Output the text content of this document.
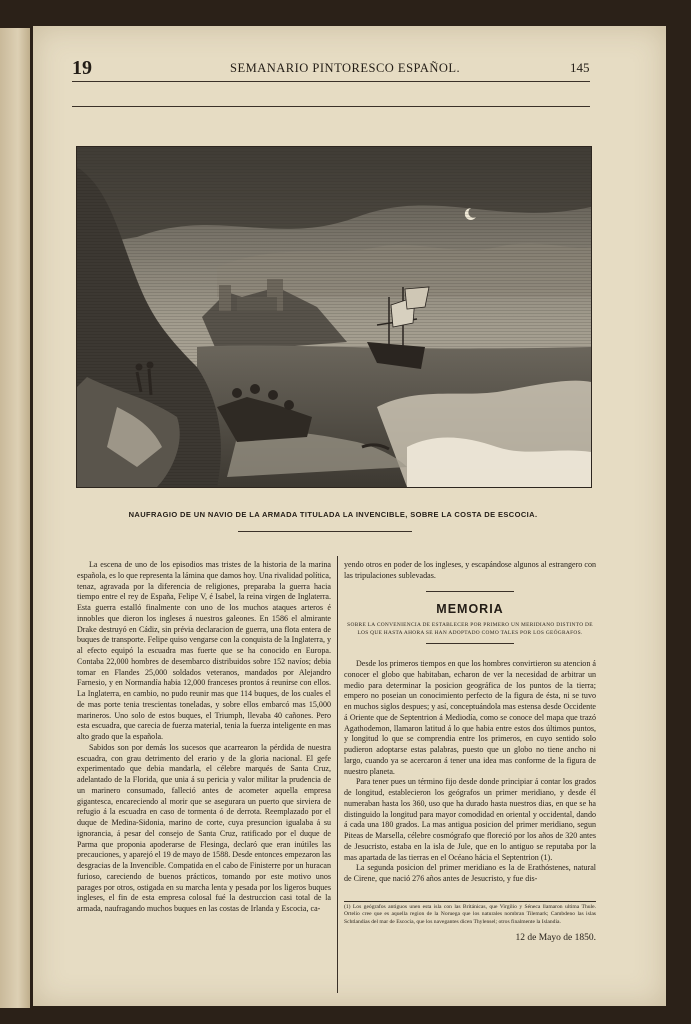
19	SEMANARIO PINTORESCO ESPAÑOL.	145
NAUFRAGIO DE UN NAVIO DE LA ARMADA TITULADA LA INVENCIBLE, SOBRE LA COSTA DE ESCOCIA.

La escena de uno de los episodios mas tristes de la historia de la marina española, es lo que representa la lámina que damos hoy. Una rivalidad política, tenaz, agravada por la diferencia de religiones, preparaba la guerra hacia tiempo entre el rey de España, Felipe V, é Isabel, la reina virgen de Inglaterra. Esta guerra estalló finalmente con uno de los muchos ataques arteros é innobles que dieron los ingleses á nuestros galeones. En 1586 el almirante Drake destruyó en Cádiz, sin prévia declaracion de guerra, una flota entera de buques de transporte. Felipe quiso vengarse con la conquista de la Inglaterra, y al efecto equipó la escuadra mas fuerte que se ha conocido en Europa. Contaba 22,000 hombres de desembarco distribuidos sobre 152 navíos; debia tomar en Flandes 25,000 soldados veteranos, mandados por Alejandro Farnesio, y en Normandía habia 12,000 franceses prontos á reunirse con ellos. La Inglaterra, en cambio, no pudo reunir mas que 114 buques, de los cuales el de mas porte tenia trescientas toneladas, y sobre ellos embarcó mas 15,000 marineros. Uno solo de estos buques, el Triumph, llevaba 40 cañones. Pero esta escuadra, que carecia de fuerza material, tenia la fuerza inteligente en mas alto grado que la española.

Sabidos son por demás los sucesos que acarrearon la pérdida de nuestra escuadra, con grau detrimento del erario y de la gloria nacional. El gefe experimentado que debia mandarla, el célebre marqués de Santa Cruz, adelantado de la Florida, que unia á su pericia y valor militar la prudencia de un marinero consumado, falleció antes de acometer aquella empresa gigantesca, encareciendo al morir que se asegurara un puerto que sirviera de refugio á la escuadra en caso de tormenta ó de derrota. Reemplazado por el duque de Medina-Sidonia, marino de corte, cuya presuncion igualaba á su ignorancia, á pesar del consejo de Santa Cruz, ratificado por el duque de Parma que proponia apoderarse de Flesinga, declaró que eran inútiles las precauciones, y aparejó el 19 de mayo de 1588. Desde entonces empezaron las desgracias de la Invencible. Compatida en el cabo de Finisterre por un huracan furioso, careciendo de buenos prácticos, tomando por este motivo unos parages por otros, ostigada en su marcha lenta y pesada por los ligeros buques ingleses, el fin de esta empresa colosal fué la destruccion casi total de la armada, naufragando muchos buques en las costas de Irlanda y Escocia, ca-

yendo otros en poder de los ingleses, y escapándose algunos al estrangero con las tripulaciones sublevadas.

MEMORIA
SOBRE LA CONVENIENCIA DE ESTABLECER POR PRIMERO UN MERIDIANO DISTINTO DE LOS QUE HASTA AHORA SE HAN ADOPTADO COMO TALES POR LOS GEÓGRAFOS.

Desde los primeros tiempos en que los hombres convirtieron su atencion á conocer el globo que habitaban, echaron de ver la necesidad de arbitrar un medio para determinar la posicion geográfica de los puntos de la tierra; empero no poseian un conocimiento perfecto de la figura de ésta, ni se tuvo en muchos siglos despues; y así, conceptuándola mas estensa desde Occidente á Oriente que de Septentrion á Mediodía, como se conoce del mapa que trazó Agathodemon, llamaron latitud á lo que habia entre estos dos últimos puntos, y longitud lo que se comprendia entre los primeros, en cuyo sentido solo pudieron adoptarse estas palabras, puesto que un globo no tiene ancho ni largo, cuando ya se acercaron á tener una idea mas conforme de la figura de nuestro planeta.

Para tener pues un término fijo desde donde principiar á contar los grados de longitud, establecieron los geógrafos un primer meridiano, y desde él numeraban hasta los 360, uso que ha durado hasta nuestros dias, en que se ha distinguido la longitud para mayor comodidad en oriental y occidental, dando á cada una 180 grados. La mas antigua posicion del primer meridiano, segun Piteas de Marsella, célebre cosmógrafo que floreció por los años de 320 antes de Jesucristo, estaba en la isla de Jule, que en lo antiguo se reputaba por la mas apartada de las tierras en el Océano hácia el Septentrion (1).

La segunda posicion del primer meridiano es la de Erathóstenes, natural de Cirene, que nació 276 años antes de Jesucristo, y fue dis-

(1) Los geógrafos antiguos unen esta isla con las Británicas, que Virgilio y Séneca llamaron ultima Thule. Ortelio cree que es aquella region de la Noruega que los naturales nombran Tilemark; Cambdeno las islas Schtlandias del mar de Escocia, que los navegantes dicen Thylensel; otros finalmente la Islandia.

12 de Mayo de 1850.
